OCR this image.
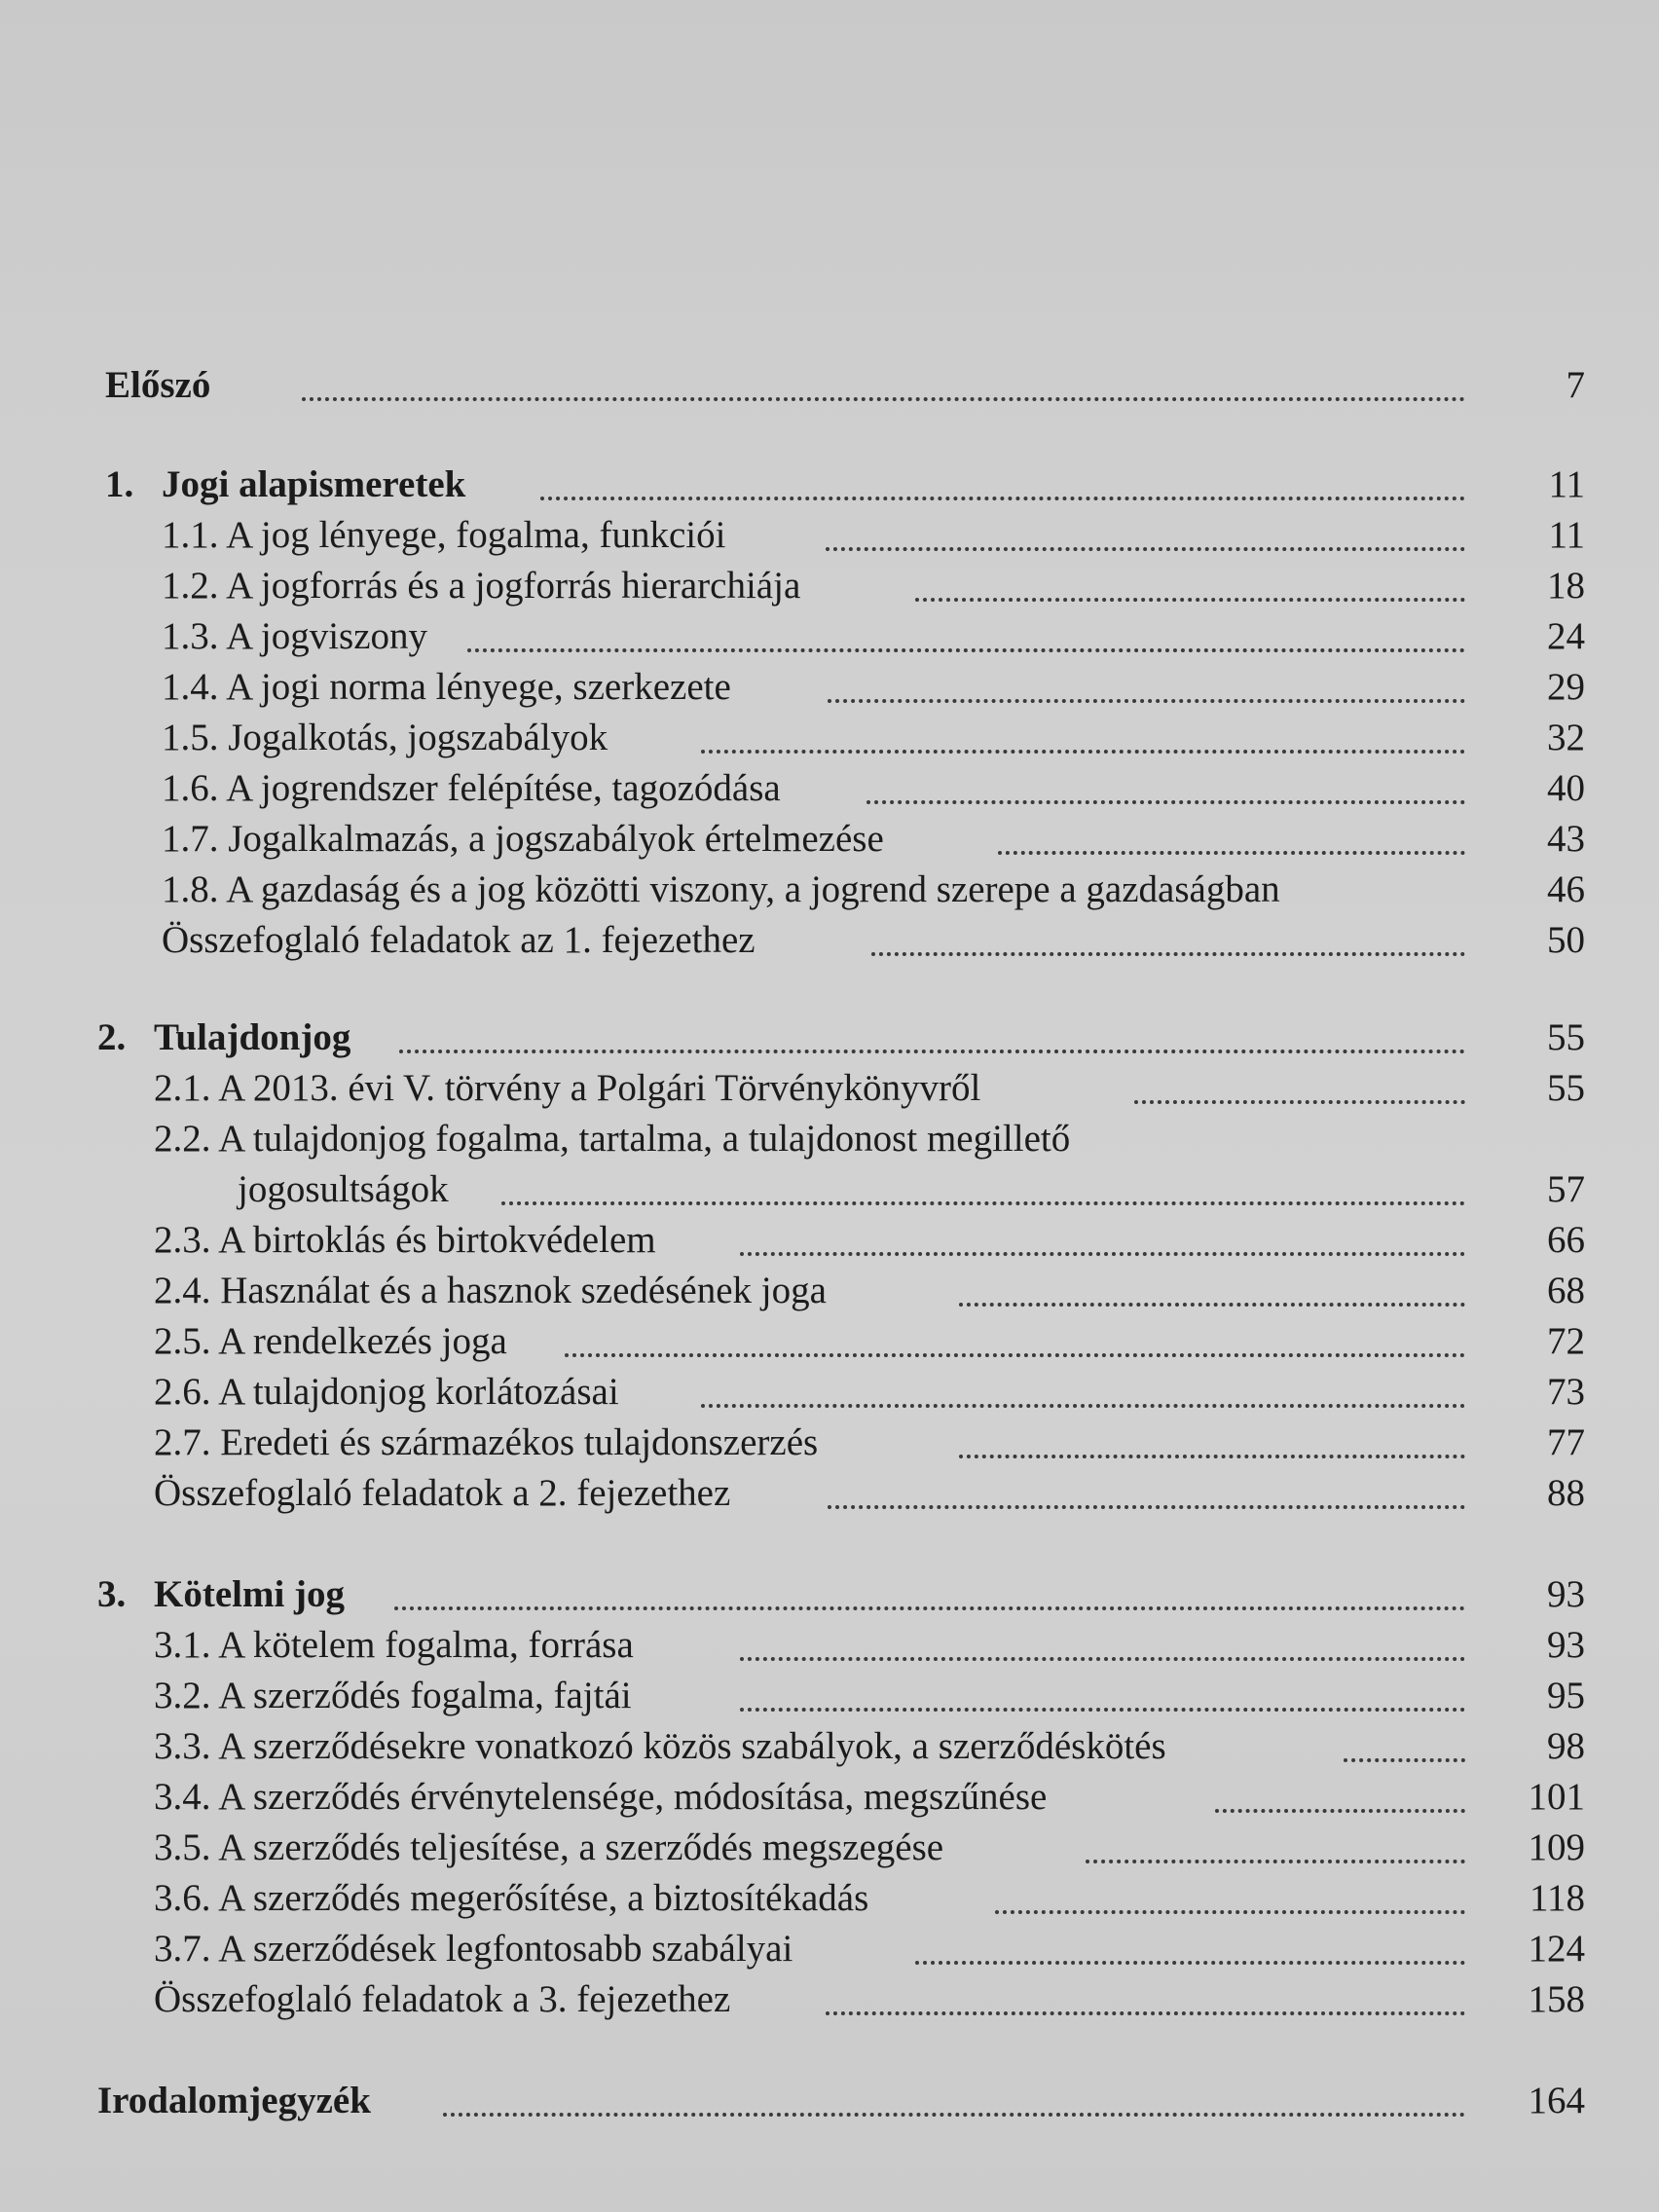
Előszó	7
1. Jogi alapismeretek	11
1.1. A jog lényege, fogalma, funkciói	11
1.2. A jogforrás és a jogforrás hierarchiája	18
1.3. A jogviszony	24
1.4. A jogi norma lényege, szerkezete	29
1.5. Jogalkotás, jogszabályok	32
1.6. A jogrendszer felépítése, tagozódása	40
1.7. Jogalkalmazás, a jogszabályok értelmezése	43
1.8. A gazdaság és a jog közötti viszony, a jogrend szerepe a gazdaságban	46
Összefoglaló feladatok az 1. fejezethez	50
2. Tulajdonjog	55
2.1. A 2013. évi V. törvény a Polgári Törvénykönyvről	55
2.2. A tulajdonjog fogalma, tartalma, a tulajdonost megillető
jogosultságok	57
2.3. A birtoklás és birtokvédelem	66
2.4. Használat és a hasznok szedésének joga	68
2.5. A rendelkezés joga	72
2.6. A tulajdonjog korlátozásai	73
2.7. Eredeti és származékos tulajdonszerzés	77
Összefoglaló feladatok a 2. fejezethez	88
3. Kötelmi jog	93
3.1. A kötelem fogalma, forrása	93
3.2. A szerződés fogalma, fajtái	95
3.3. A szerződésekre vonatkozó közös szabályok, a szerződéskötés	98
3.4. A szerződés érvénytelensége, módosítása, megszűnése	101
3.5. A szerződés teljesítése, a szerződés megszegése	109
3.6. A szerződés megerősítése, a biztosítékadás	118
3.7. A szerződések legfontosabb szabályai	124
Összefoglaló feladatok a 3. fejezethez	158
Irodalomjegyzék	164
